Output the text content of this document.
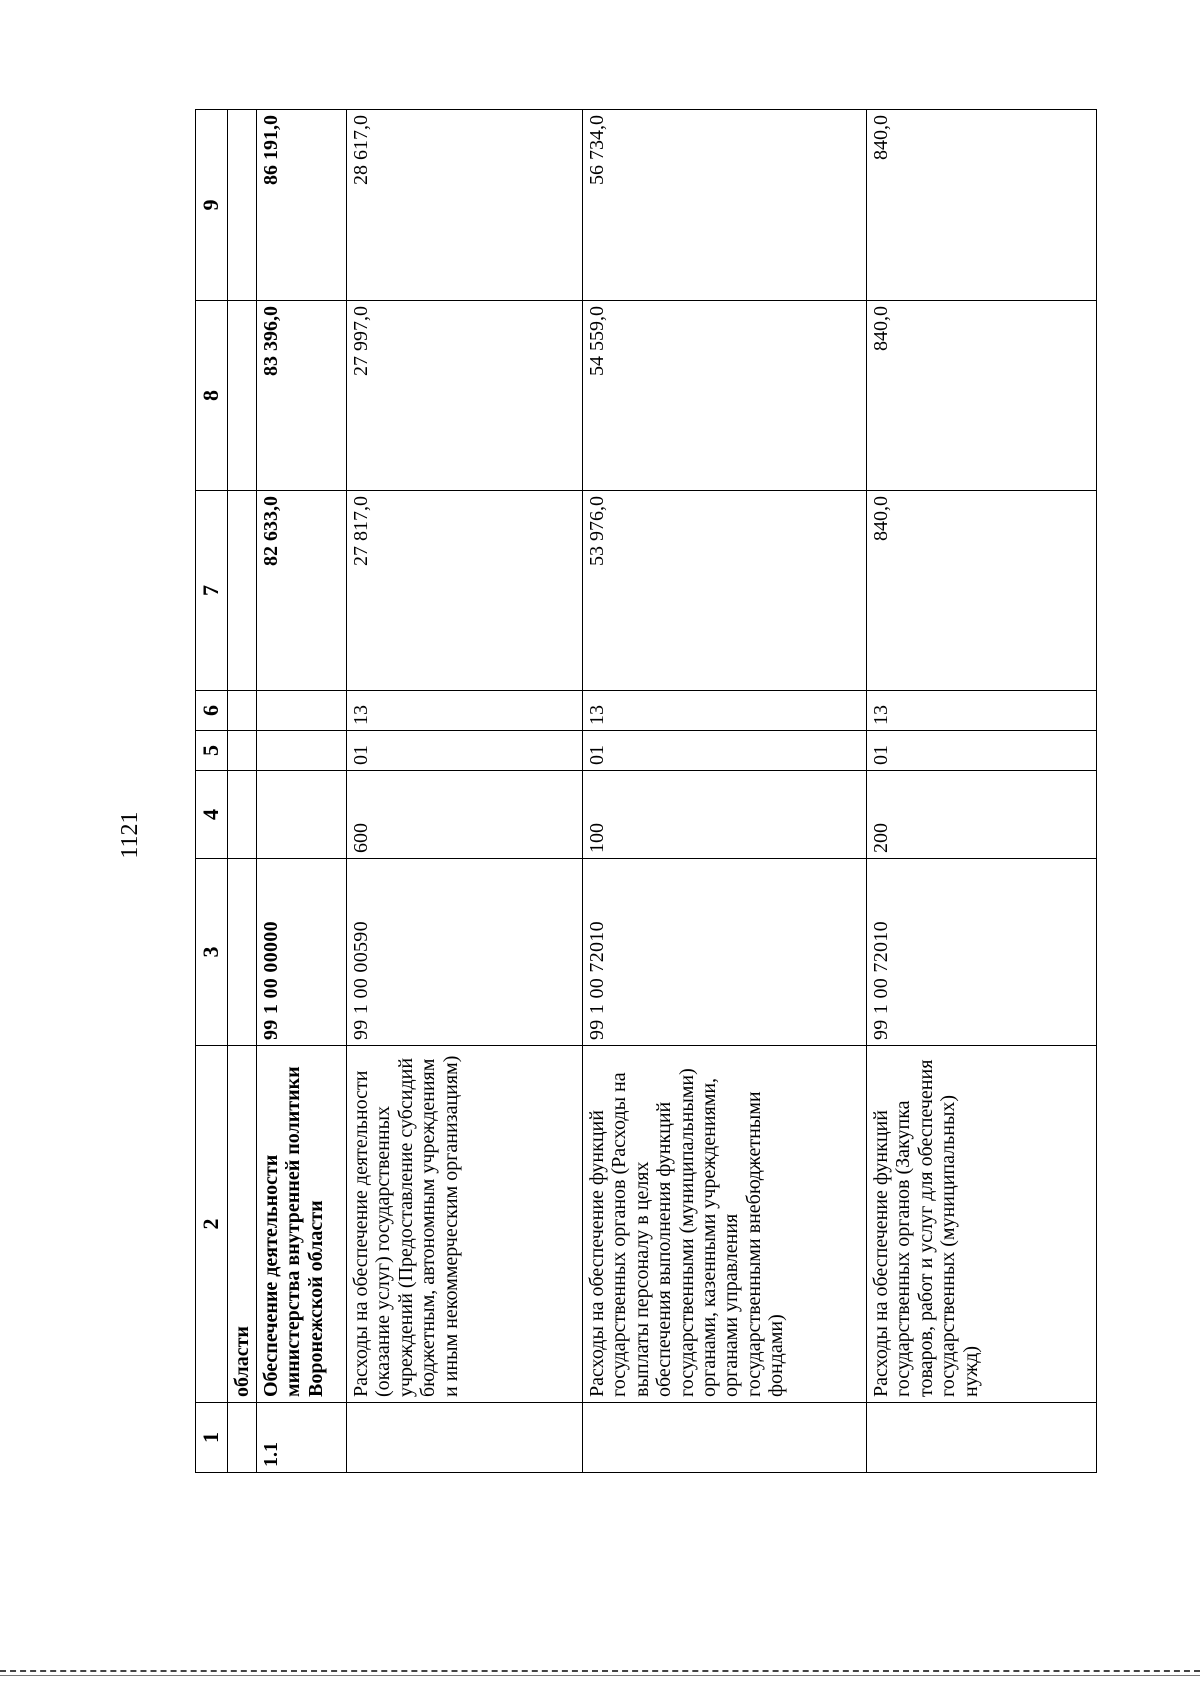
1121
1	2	3	4	5	6	7	8	9
	области							
1.1	Обеспечение деятельности министерства внутренней политики Воронежской области	99 1 00 00000				82 633,0	83 396,0	86 191,0
	Расходы на обеспечение деятельности (оказание услуг) государственных учреждений (Предоставление субсидий бюджетным, автономным учреждениям и иным некоммерческим организациям)	99 1 00 00590	600	01	13	27 817,0	27 997,0	28 617,0
	Расходы на обеспечение функций государственных органов (Расходы на выплаты персоналу в целях обеспечения выполнения функций государственными (муниципальными) органами, казенными учреждениями, органами управления государственными внебюджетными фондами)	99 1 00 72010	100	01	13	53 976,0	54 559,0	56 734,0
	Расходы на обеспечение функций государственных органов (Закупка товаров, работ и услуг для обеспечения государственных (муниципальных) нужд)	99 1 00 72010	200	01	13	840,0	840,0	840,0
